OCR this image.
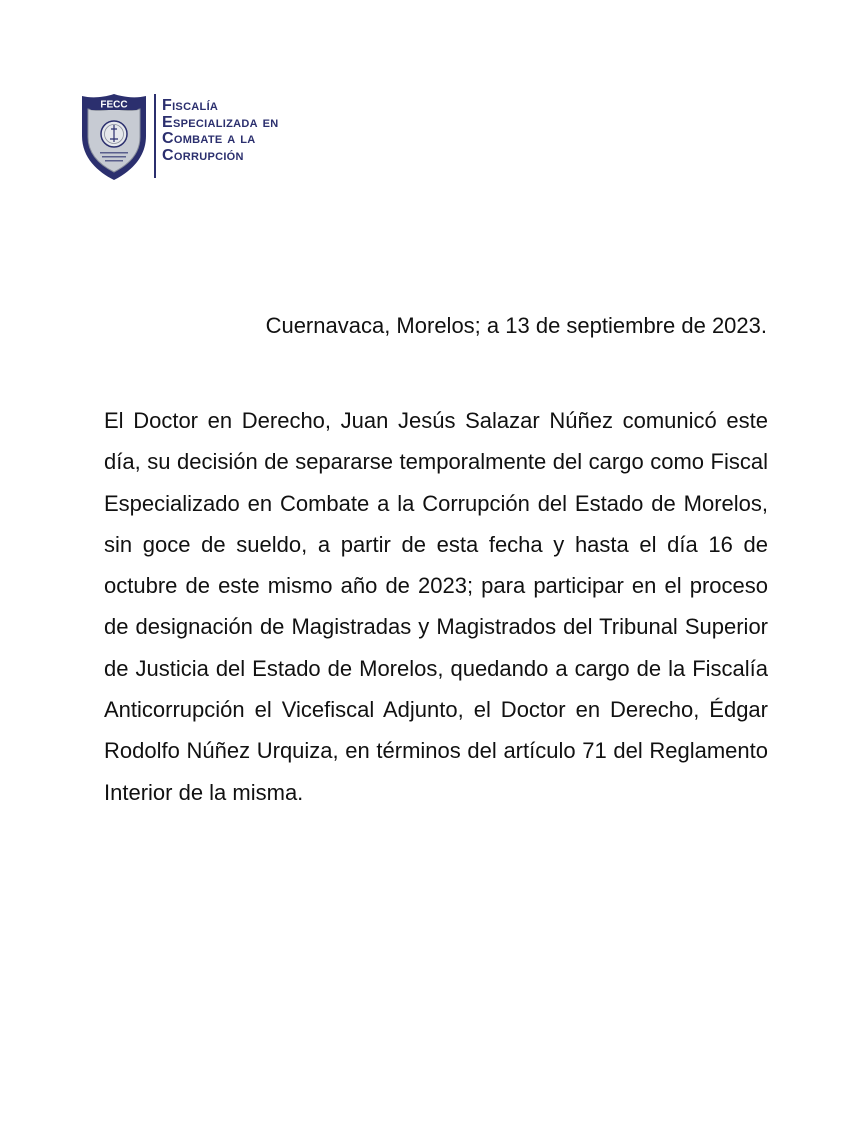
FECC Fiscalía
Especializada en
Combate a la
Corrupción
Cuernavaca, Morelos; a 13 de septiembre de 2023.

El Doctor en Derecho, Juan Jesús Salazar Núñez comunicó este día, su decisión de separarse temporalmente del cargo como Fiscal Especializado en Combate a la Corrupción del Estado de Morelos, sin goce de sueldo, a partir de esta fecha y hasta el día 16 de octubre de este mismo año de 2023; para participar en el proceso de designación de Magistradas y Magistrados del Tribunal Superior de Justicia del Estado de Morelos, quedando a cargo de la Fiscalía Anticorrupción el Vicefiscal Adjunto, el Doctor en Derecho, Édgar Rodolfo Núñez Urquiza, en términos del artículo 71 del Reglamento Interior de la misma.
